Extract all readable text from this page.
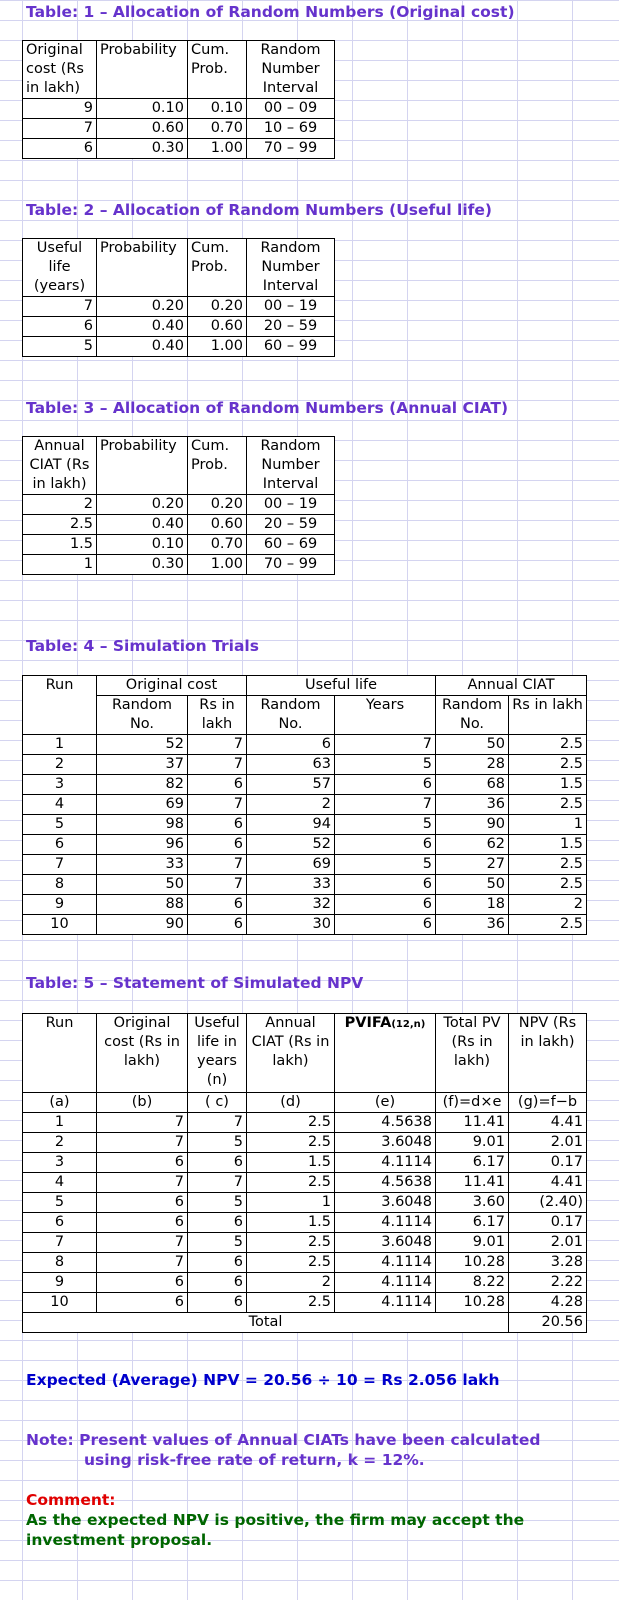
Table: 1 – Allocation of Random Numbers (Original cost)
Original cost (Rs in lakh)	Probability	Cum. Prob.	Random Number Interval
9	0.10	0.10	00 – 09
7	0.60	0.70	10 – 69
6	0.30	1.00	70 – 99
Table: 2 – Allocation of Random Numbers (Useful life)
Useful life (years)	Probability	Cum. Prob.	Random Number Interval
7	0.20	0.20	00 – 19
6	0.40	0.60	20 – 59
5	0.40	1.00	60 – 99
Table: 3 – Allocation of Random Numbers (Annual CIAT)
Annual CIAT (Rs in lakh)	Probability	Cum. Prob.	Random Number Interval
2	0.20	0.20	00 – 19
2.5	0.40	0.60	20 – 59
1.5	0.10	0.70	60 – 69
1	0.30	1.00	70 – 99
Table: 4 – Simulation Trials
Run	Original cost		Useful life		Annual CIAT	
	Random No.	Rs in lakh	Random No.	Years	Random No.	Rs in lakh
1	52	7	6	7	50	2.5
2	37	7	63	5	28	2.5
3	82	6	57	6	68	1.5
4	69	7	2	7	36	2.5
5	98	6	94	5	90	1
6	96	6	52	6	62	1.5
7	33	7	69	5	27	2.5
8	50	7	33	6	50	2.5
9	88	6	32	6	18	2
10	90	6	30	6	36	2.5
Table: 5 – Statement of Simulated NPV
Run	Original cost (Rs in lakh)	Useful life in years (n)	Annual CIAT (Rs in lakh)	PVIFA(12,n)	Total PV (Rs in lakh)	NPV (Rs in lakh)
(a)	(b)	( c)	(d)	(e)	(f)=d×e	(g)=f−b
1	7	7	2.5	4.5638	11.41	4.41
2	7	5	2.5	3.6048	9.01	2.01
3	6	6	1.5	4.1114	6.17	0.17
4	7	7	2.5	4.5638	11.41	4.41
5	6	5	1	3.6048	3.60	(2.40)
6	6	6	1.5	4.1114	6.17	0.17
7	7	5	2.5	3.6048	9.01	2.01
8	7	6	2.5	4.1114	10.28	3.28
9	6	6	2	4.1114	8.22	2.22
10	6	6	2.5	4.1114	10.28	4.28
Total						20.56
Expected (Average) NPV = 20.56 ÷ 10 = Rs 2.056 lakh
Note: Present values of Annual CIATs have been calculated
using risk-free rate of return, k = 12%.
Comment:
As the expected NPV is positive, the firm may accept the
investment proposal.
